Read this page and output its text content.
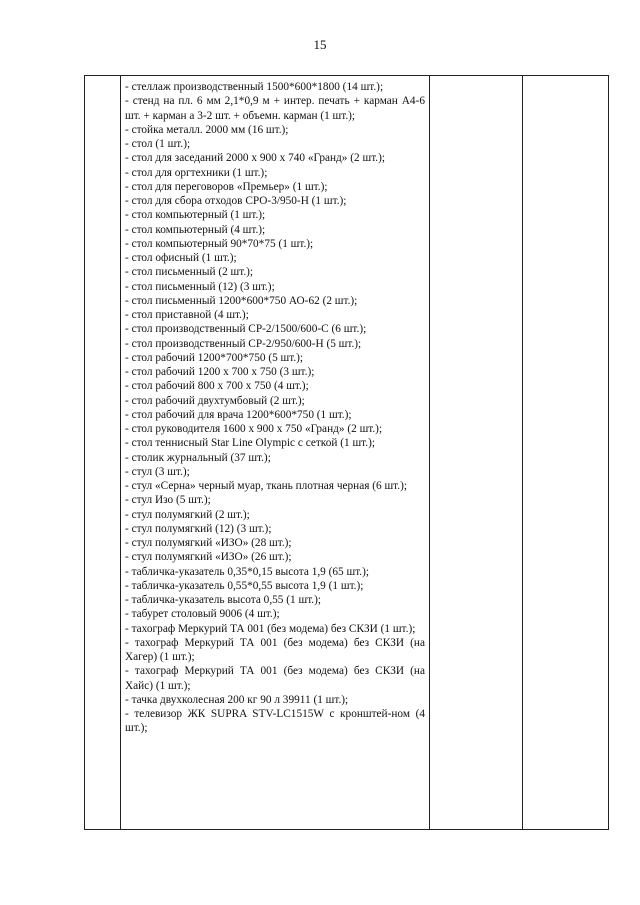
15

- стеллаж производственный 1500*600*1800 (14 шт.);
- стенд на пл. 6 мм 2,1*0,9 м + интер. печать + карман А4-6 шт. + карман а 3-2 шт. + объемн. карман (1 шт.);
- стойка металл. 2000 мм (16 шт.);
- стол (1 шт.);
- стол для заседаний 2000 х 900 х 740 «Гранд» (2 шт.);
- стол для оргтехники (1 шт.);
- стол для переговоров «Премьер» (1 шт.);
- стол для сбора отходов СРО-3/950-Н (1 шт.);
- стол компьютерный (1 шт.);
- стол компьютерный (4 шт.);
- стол компьютерный 90*70*75 (1 шт.);
- стол офисный (1 шт.);
- стол письменный (2 шт.);
- стол письменный (12) (3 шт.);
- стол письменный 1200*600*750 АО-62 (2 шт.);
- стол приставной (4 шт.);
- стол производственный СР-2/1500/600-С (6 шт.);
- стол производственный СР-2/950/600-Н (5 шт.);
- стол рабочий 1200*700*750 (5 шт.);
- стол рабочий 1200 х 700 х 750 (3 шт.);
- стол рабочий 800 х 700 х 750 (4 шт.);
- стол рабочий двухтумбовый (2 шт.);
- стол рабочий для врача 1200*600*750 (1 шт.);
- стол руководителя 1600 х 900 х 750 «Гранд» (2 шт.);
- стол теннисный Star Line Olympic с сеткой (1 шт.);
- столик журнальный (37 шт.);
- стул (3 шт.);
- стул «Серна» черный муар, ткань плотная черная (6 шт.);
- стул Изо (5 шт.);
- стул полумягкий (2 шт.);
- стул полумягкий (12) (3 шт.);
- стул полумягкий «ИЗО» (28 шт.);
- стул полумягкий «ИЗО» (26 шт.);
- табличка-указатель 0,35*0,15 высота 1,9 (65 шт.);
- табличка-указатель 0,55*0,55 высота 1,9 (1 шт.);
- табличка-указатель высота 0,55 (1 шт.);
- табурет столовый 9006 (4 шт.);
- тахограф Меркурий ТА 001 (без модема) без СКЗИ (1 шт.);
- тахограф Меркурий ТА 001 (без модема) без СКЗИ (на Хагер) (1 шт.);
- тахограф Меркурий ТА 001 (без модема) без СКЗИ (на Хайс) (1 шт.);
- тачка двухколесная 200 кг 90 л 39911 (1 шт.);
- телевизор ЖК SUPRA STV-LC1515W с кронштей-ном (4 шт.);
